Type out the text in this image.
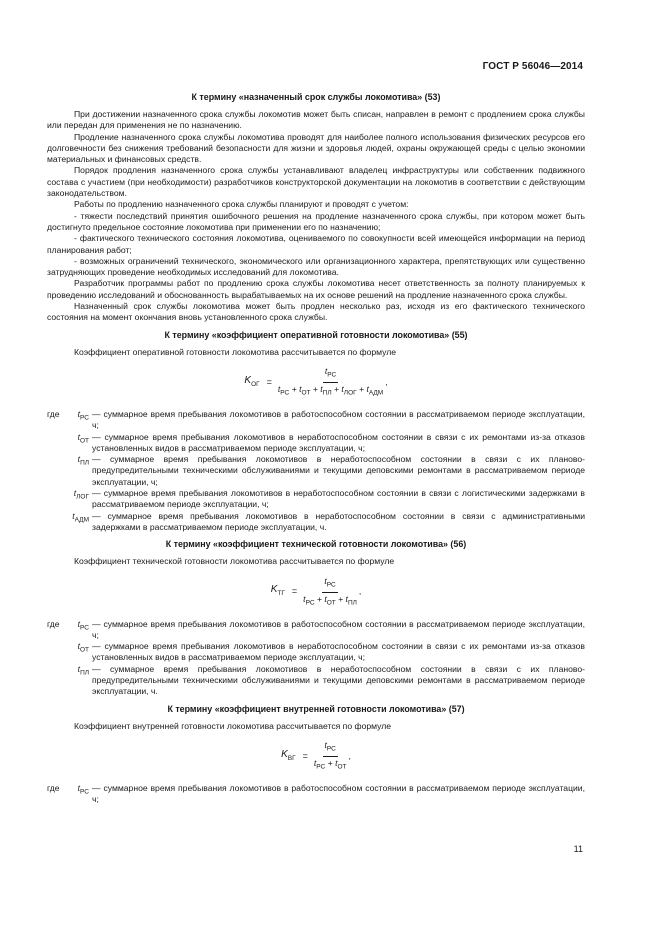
ГОСТ Р 56046—2014
К термину «назначенный срок службы локомотива» (53)

При достижении назначенного срока службы локомотив может быть списан, направлен в ремонт с продлением срока службы или передан для применения не по назначению.

Продление назначенного срока службы локомотива проводят для наиболее полного использования физических ресурсов его долговечности без снижения требований безопасности для жизни и здоровья людей, охраны окружающей среды с целью экономии материальных и финансовых средств.

Порядок продления назначенного срока службы устанавливают владелец инфраструктуры или собственник подвижного состава с участием (при необходимости) разработчиков конструкторской документации на локомотив в соответствии с действующим законодательством.

Работы по продлению назначенного срока службы планируют и проводят с учетом:

- тяжести последствий принятия ошибочного решения на продление назначенного срока службы, при котором может быть достигнуто предельное состояние локомотива при применении его по назначению;

- фактического технического состояния локомотива, оцениваемого по совокупности всей имеющейся информации на период планирования работ;

- возможных ограничений технического, экономического или организационного характера, препятствующих или существенно затрудняющих проведение необходимых исследований для локомотива.

Разработчик программы работ по продлению срока службы локомотива несет ответственность за полноту планируемых к проведению исследований и обоснованность вырабатываемых на их основе решений на продление назначенного срока службы.

Назначенный срок службы локомотива может быть продлен несколько раз, исходя из его фактического технического состояния на момент окончания вновь установленного срока службы.

К термину «коэффициент оперативной готовности локомотива» (55)

Коэффициент оперативной готовности локомотива рассчитывается по формуле

$K_{ОГ} = \frac{t_{РС}}{t_{РС} + t_{ОТ} + t_{ПЛ} + t_{ЛОГ} + t_{АДМ}}$ ,
где	$t_{РС}$	— суммарное время пребывания локомотивов в работоспособном состоянии в рассматриваемом периоде эксплуатации, ч;
	$t_{ОТ}$	— суммарное время пребывания локомотивов в неработоспособном состоянии в связи с их ремонтами из-за отказов установленных видов в рассматриваемом периоде эксплуатации, ч;
	$t_{ПЛ}$	— суммарное время пребывания локомотивов в неработоспособном состоянии в связи с их планово-предупредительными техническими обслуживаниями и текущими деповскими ремонтами в рассматриваемом периоде эксплуатации, ч;
	$t_{ЛОГ}$	— суммарное время пребывания локомотивов в неработоспособном состоянии в связи с логистическими задержками в рассматриваемом периоде эксплуатации, ч;
	$t_{АДМ}$	— суммарное время пребывания локомотивов в неработоспособном состоянии в связи с административными задержками в рассматриваемом периоде эксплуатации, ч.
К термину «коэффициент технической готовности локомотива» (56)

Коэффициент технической готовности локомотива рассчитывается по формуле

$K_{ТГ} = \frac{t_{РС}}{t_{РС} + t_{ОТ} + t_{ПЛ}}$ ,
где	$t_{РС}$	— суммарное время пребывания локомотивов в работоспособном состоянии в рассматриваемом периоде эксплуатации, ч;
	$t_{ОТ}$	— суммарное время пребывания локомотивов в неработоспособном состоянии в связи с их ремонтами из-за отказов установленных видов в рассматриваемом периоде эксплуатации, ч;
	$t_{ПЛ}$	— суммарное время пребывания локомотивов в неработоспособном состоянии в связи с их планово-предупредительными техническими обслуживаниями и текущими деповскими ремонтами в рассматриваемом периоде эксплуатации, ч.
К термину «коэффициент внутренней готовности локомотива» (57)

Коэффициент внутренней готовности локомотива рассчитывается по формуле

$K_{ВГ} = \frac{t_{РС}}{t_{РС} + t_{ОТ}}$ ,
где	$t_{РС}$	— суммарное время пребывания локомотивов в работоспособном состоянии в рассматриваемом периоде эксплуатации, ч;
11
